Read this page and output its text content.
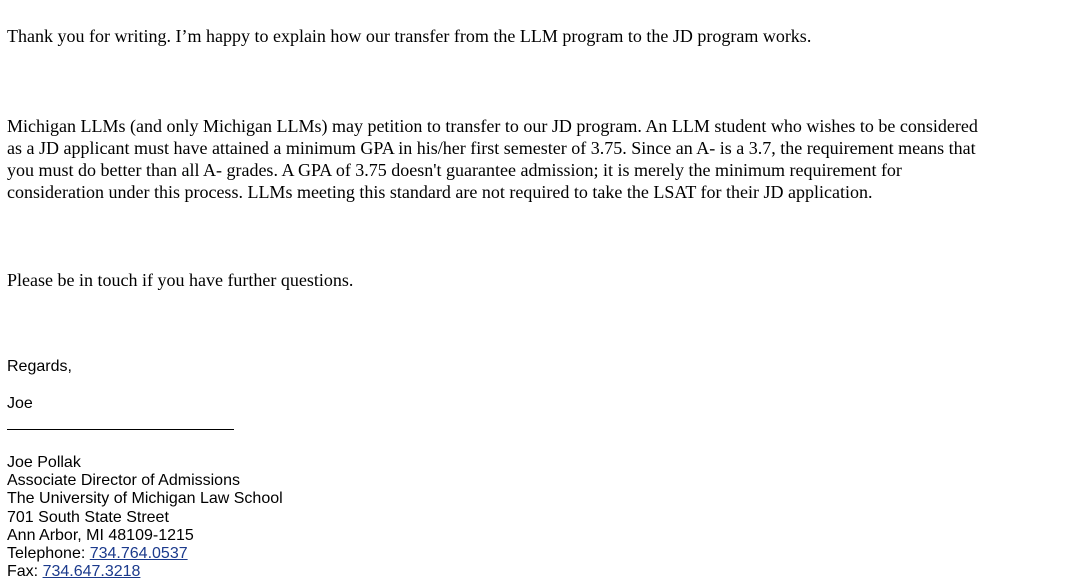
Thank you for writing. I’m happy to explain how our transfer from the LLM program to the JD program works.

Michigan LLMs (and only Michigan LLMs) may petition to transfer to our JD program. An LLM student who wishes to be considered

as a JD applicant must have attained a minimum GPA in his/her first semester of 3.75. Since an A- is a 3.7, the requirement means that

you must do better than all A- grades. A GPA of 3.75 doesn't guarantee admission; it is merely the minimum requirement for

consideration under this process. LLMs meeting this standard are not required to take the LSAT for their JD application.

Please be in touch if you have further questions.

Regards,

Joe

Joe Pollak

Associate Director of Admissions

The University of Michigan Law School

701 South State Street

Ann Arbor, MI 48109-1215

Telephone: 734.764.0537

Fax: 734.647.3218
